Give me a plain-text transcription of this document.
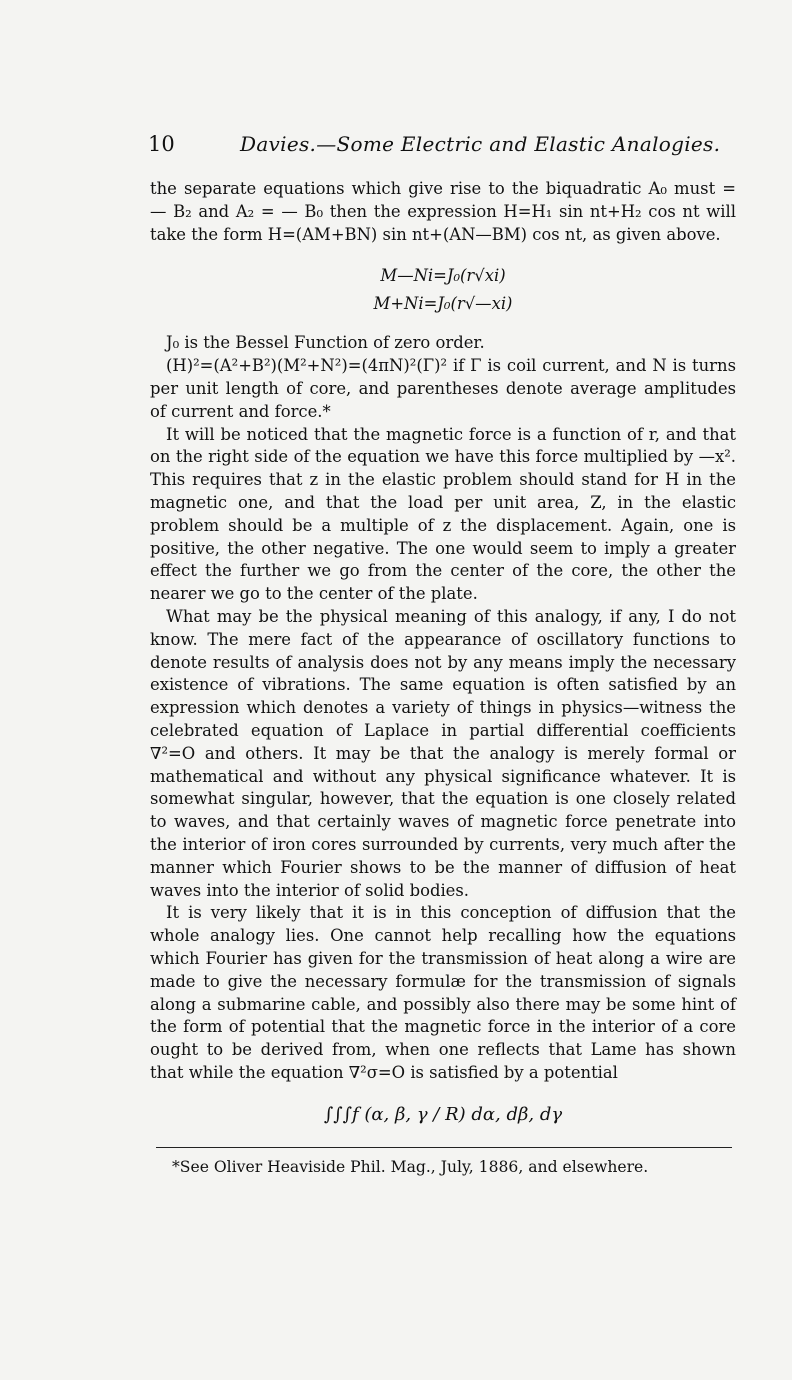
10	Davies.—Some Electric and Elastic Analogies.

the separate equations which give rise to the biquadratic A₀ must = — B₂ and A₂ = — B₀ then the expression H=H₁ sin nt+H₂ cos nt will take the form H=(AM+BN) sin nt+(AN—BM) cos nt, as given above.

M—Ni=J₀(r√xi)
M+Ni=J₀(r√—xi)

J₀ is the Bessel Function of zero order.

(H)²=(A²+B²)(M²+N²)=(4πN)²(Γ)² if Γ is coil current, and N is turns per unit length of core, and parentheses denote average amplitudes of current and force.*

It will be noticed that the magnetic force is a function of r, and that on the right side of the equation we have this force multiplied by —x². This requires that z in the elastic problem should stand for H in the magnetic one, and that the load per unit area, Z, in the elastic problem should be a multiple of z the displacement. Again, one is positive, the other negative. The one would seem to imply a greater effect the further we go from the center of the core, the other the nearer we go to the center of the plate.

What may be the physical meaning of this analogy, if any, I do not know. The mere fact of the appearance of oscillatory functions to denote results of analysis does not by any means imply the necessary existence of vibrations. The same equation is often satisfied by an expression which denotes a variety of things in physics—witness the celebrated equation of Laplace in partial differential coefficients ∇²=O and others. It may be that the analogy is merely formal or mathematical and without any physical significance whatever. It is somewhat singular, however, that the equation is one closely related to waves, and that certainly waves of magnetic force penetrate into the interior of iron cores surrounded by currents, very much after the manner which Fourier shows to be the manner of diffusion of heat waves into the interior of solid bodies.

It is very likely that it is in this conception of diffusion that the whole analogy lies. One cannot help recalling how the equations which Fourier has given for the transmission of heat along a wire are made to give the necessary formulæ for the transmission of signals along a submarine cable, and possibly also there may be some hint of the form of potential that the magnetic force in the interior of a core ought to be derived from, when one reflects that Lame has shown that while the equation ∇²σ=O is satisfied by a potential

∫∫∫f (α, β, γ / R) dα, dβ, dγ

*See Oliver Heaviside Phil. Mag., July, 1886, and elsewhere.
